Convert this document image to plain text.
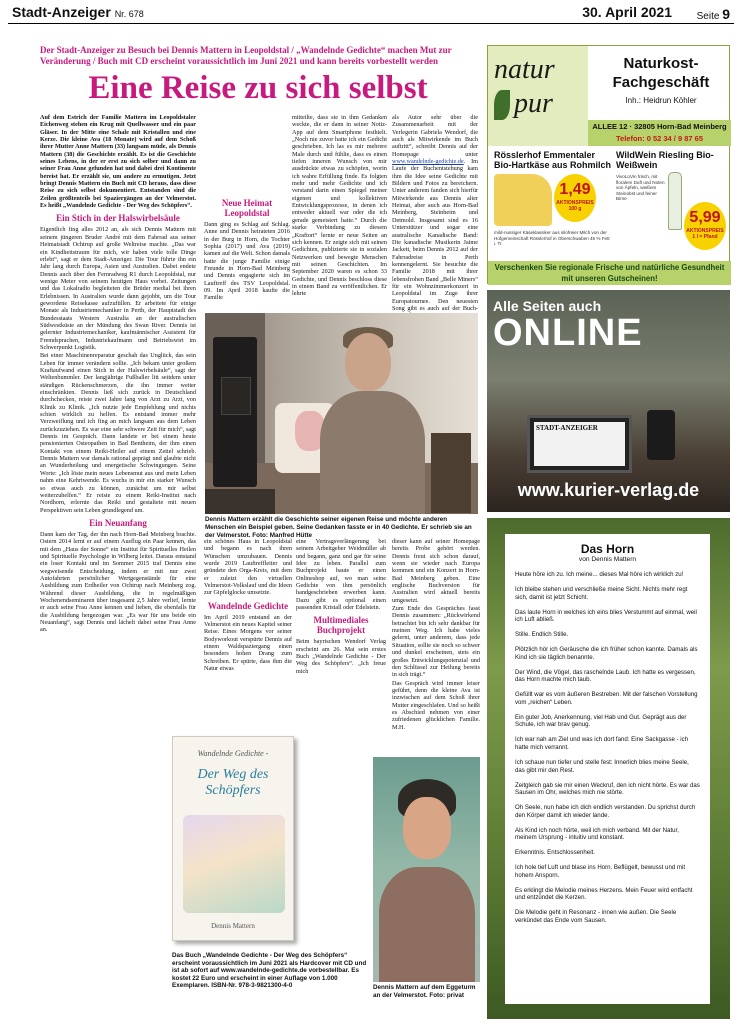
Stadt-Anzeiger Nr. 678	30. April 2021 Seite 9
Der Stadt-Anzeiger zu Besuch bei Dennis Mattern in Leopoldstal / „Wandelnde Gedichte“ machen Mut zur Veränderung / Buch mit CD erscheint voraussichtlich im Juni 2021 und kann bereits vorbestellt werden
Eine Reise zu sich selbst

Auf dem Estrich der Familie Mattern im Leopoldstaler Eichenweg stehen ein Krug mit Quellwasser und ein paar Gläser. In der Mitte eine Schale mit Kristallen und eine Kerze. Die kleine Ava (18 Monate) wird auf dem Schoß ihrer Mutter Anne Mattern (33) langsam müde, als Dennis Mattern (38) die Geschichte erzählt. Es ist die Geschichte seines Lebens, in der er erst zu sich selber und dann zu seiner Frau Anne gefunden hat und dabei drei Kontinente bereist hat. Er erzählt sie, um andere zu ermutigen. Jetzt bringt Dennis Mattern ein Buch mit CD heraus, dass diese Reise zu sich selbst dokumentiert. Entstanden sind die Zeilen größtenteils bei Spaziergängen an der Velmerstot. Es heißt „Wandelnde Gedichte - Der Weg des Schöpfers“.

Ein Stich in der Halswirbelsäule

Eigentlich fing alles 2012 an, als sich Dennis Mattern mit seinem jüngeren Bruder André mit dem Fahrrad aus seiner Heimatstadt Ochtrup auf große Weltreise machte. „Das war ein Kindheitstraum für mich, wir haben viele tolle Dinge erlebt“, sagt er dem Stadt-Anzeiger. Die Tour führte ihn ein Jahr lang durch Europa, Asien und Australien. Dabei endete Dennis auch über den Fernradweg R1 durch Leopoldstal, nur wenige Meter von seinem heutigen Haus vorbei. Zeitungen und das Lokalradio begleiteten die Brüder medial bei ihren Erlebnissen. In Australien wurde dann gejobbt, um die Tour gewordene Reisekasse aufzufüllen. Er arbeitete für einige Monate als Industriemechaniker in Perth, der Hauptstadt des Bundesstaats Western Australia an der australischen Südwestküste an der Mündung des Swan River. Dennis ist gelernter Industriemechaniker, kaufmännischer Assistent für Fremdsprachen, Industriekaufmann und Betriebswirt im Schwerpunkt Logistik.

Bei einer Maschinenreparatur geschah das Unglück, das sein Leben für immer verändern sollte. „Ich bekam unter großem Kraftaufwand einen Stich in der Halswirbelsäule“, sagt der Weltenbummler. Der langjährige Fußballer litt seitdem unter ständigen Rückenschmerzen, die ihn immer weiter einschränkten. Dennis ließ sich zurück in Deutschland durchchecken, reiste zwei Jahre lang von Arzt zu Arzt, von Klinik zu Klinik. „Ich nutzte jede Empfehlung und nichts schien wirklich zu helfen. Es entstand immer mehr Verzweiflung und ich fing an mich langsam aus dem Leben zurückzuziehen. Es war eine sehr schwere Zeit für mich“, sagt Dennis im Gespräch. Dann landete er bei einem heute pensionierten Osteopathen in Bad Bentheim, der ihm einen Kontakt von einem Reiki-Heiler auf einem Zettel schrieb. Dennis Mattern war damals rational geprägt und glaubte nicht an Wunderheilung und energetische Schwingungen. Seine Worte: „Ich löste mein neues Lebensmut aus und mein Leben nahm eine Kehrtwende. Es wuchs in mir ein starker Wunsch so etwas auch zu können, zunächst um mir selbst weiterzuhelfen.“ Er reiste zu einem Reiki-Institut nach Nordhorn, erlernte das Reiki und gestaltete mit neuen Perspektiven sein Leben grundlegend um.

Ein Neuanfang

Dann kam der Tag, der ihn nach Horn-Bad Meinberg brachte. Ostern 2014 lernt er auf einem Ausflug ein Paar kennen, das mit dem „Haus der Sonne“ ein Institut für Spirituelles Heilen und Spirituelle Psychologie in Wilberg leitet. Daraus entstand ein loser Kontakt und im Sommer 2015 traf Dennis eine wegweisende Entscheidung, indem er mit nur zwei Autofahrten persönlicher Wertgegenstände für eine Ausbildung zum Erdheiler von Ochtrup nach Meinberg zog. Während dieser Ausbildung, die in regelmäßigen Wochenendseminaren über insgesamt 2,5 Jahre verlief, lernte er auch seine Frau Anne kennen und lieben, die ebenfalls für die Ausbildung hergezogen war. „Es war für uns beide ein Neuanfang“, sagt Dennis und lächelt dabei seine Frau Anne an.

Neue Heimat Leopoldstal

Dann ging es Schlag auf Schlag. Anne und Dennis heirateten 2016 in der Burg in Horn, die Tochter Sophia (2017) und Ava (2019) kamen auf die Welt. Schon damals hatte die junge Familie einige Freunde in Horn-Bad Meinberg und Dennis engagierte sich im Lauftreff des TSV Leopoldstal. 09. Im April 2018 kaufte die Familie

mitteilte, dass sie in ihm Gedanken weckte, die er dann in seiner Notiz-App auf dem Smartphone festhielt. „Noch nie zuvor hatte ich ein Gedicht geschrieben. Ich las es mir mehrere Male durch und fühlte, dass es einen tiefen inneren Wunsch von mir ausdrückte etwas zu schöpfen, worin ich wahre Erfüllung finde. Es folgten mehr und mehr Gedichte und ich verstand darin einen Spiegel meiner eigenen und kollektiven Entwicklungsprozesse, in denen ich entweder aktuell war oder die ich gerade gemeistert hatte.“ Durch die starke Verbindung zu diesem „Kraftort“ lernte er neue Seiten an sich kennen. Er zeigte sich mit seinen Gedichten, publizierte sie in sozialen Netzwerken und bewegte Menschen mit seinen Geschichten. Im September 2020 waren es schon 33 Gedichte, und Dennis beschloss diese in einem Band zu veröffentlichen. Er lehrte

als Autor sehr über die Zusammenarbeit mit der Verlegerin Gabriela Wendorf, die auch als Mitwirkende im Buch auftritt“, schreibt Dennis auf der Homepage unter www.wandelnde-gedichte.de. Im Laufe der Buchentstehung kam ihm die Idee seine Gedichte mit Bildern und Fotos zu bereichern. Unter anderem fanden sich hierfür Mitwirkende aus Dennis alter Heimat, aber auch aus Horn-Bad Meinberg, Steinheim und Detmold. Insgesamt sind es 16 Unterstützer und sogar eine australische Kanadische Band: Die kanadische Musikerin Jaime Jackett, beim Dennis 2012 auf der Fahrradreise in Perth kennengelernt. Sie besuchte die Familie 2018 mit ihrer lebensfrohen Band „Belle Miners“ für ein Wohnzimmerkonzert in Leopoldstal im Zuge ihrer Europatournee. Den neuesten Song gibt es auch auf der Buch-

Dennis Mattern erzählt die Geschichte seiner eigenen Reise und möchte anderen Menschen ein Beispiel geben. Seine Gedanken fasste er in 40 Gedichte. Er schrieb sie an der Velmerstot. Foto: Manfred Hütte

ein schönes Haus in Leopoldstal und begann es nach ihren Wünschen umzubauen. Dennis wurde 2019 Lauftreffleiter und gründete den Orga-Kreis, mit dem er zuletzt den virtuellen Velmerstot-Volkslauf und die Ideen zur Gipfelglocke umsetzte.

Wandelnde Gedichte

Im April 2019 entstand an der Velmerstot ein neues Kapitel seiner Reise. Eines Morgens vor seiner Bodyworkout verspürte Dennis auf einem Waldspaziergang einen besonders hohen Drang zum Schreiben. Er spürte, dass ihm die Natur etwas

eine Vertragsverlängerung bei seinem Arbeitgeber Weidmüller ab und begann, ganz und gar für seine Idee zu leben. Parallel zum Buchprojekt baute er einen Onlineshop auf, wo man seine Gedichte von ihm persönlich handgeschrieben erwerben kann. Dazu gibt es optional einen passenden Kristall oder Edelstein.

Multimediales Buchprojekt

Beim bayrischen Wendorf Verlag erscheint am 26. Mai sein erstes Buch „Wandelnde Gedichte - Der Weg des Schöpfers“. „Ich freue mich

dieser kann auf seiner Homepage bereits Probe gehört werden. Dennis freut sich schon darauf, wenn sie wieder nach Europa kommen und ein Konzert in Horn-Bad Meinberg geben. Eine englische Buchversion für Australien wird aktuell bereits umgesetzt.

Zum Ende des Gespräches fasst Dennis zusammen: „Rückwirkend betrachtet bin ich sehr dankbar für meinen Weg. Ich habe vieles gelernt, unter anderem, dass jede Situation, sollte sie noch so schwer und dunkel erscheinen, stets ein großes Entwicklungspotenzial und den Schlüssel zur Heilung bereits in sich trägt.“

Das Gespräch wird immer leiser geführt, denn die kleine Ava ist inzwischen auf dem Schoß ihrer Mutter eingeschlafen. Und so heißt es Abschied nehmen von einer zufriedenen glücklichen Familie. M.H.

Wandelnde Gedichte -
Der Weg des Schöpfers
Dennis Mattern
Das Buch „Wandelnde Gedichte - Der Weg des Schöpfers“ erscheint voraussichtlich im Juni 2021 als Hardcover mit CD und ist ab sofort auf www.wandelnde-gedichte.de vorbestellbar. Es kostet 22 Euro und erscheint in einer Auflage von 1.000 Exemplaren. ISBN-Nr. 978-3-9821300-4-0	Dennis Mattern auf dem Eggeturm an der Velmerstot. Foto: privat
natur
pur
Naturkost-Fachgeschäft
Inh.: Heidrun Köhler
ALLEE 12 · 32805 Horn-Bad Meinberg
Telefon: 0 52 34 / 9 87 65
Rösslerhof Emmentaler Bio-Hartkäse aus Rohmilch
1,49
AKTIONSPREIS
100 g
mild-nussiger Käseklassiker aus silofreier Milch von der Hofgemeinschaft Rösslerhof in Oberschwaben 45 % Fett i. Tr.
WildWein Riesling Bio-Weißwein
VivoLoVin frisch, mit floralem Duft und Noten von Äpfeln, weißem Steinobst und feiner Birne
5,99
AKTIONSPREIS
1 l = Pfand
Verschenken Sie regionale Frische und natürliche Gesundheit mit unseren Gutscheinen!
Alle Seiten auch
ONLINE
STADT-ANZEIGER
www.kurier-verlag.de
Das Horn
von Dennis Mattern
Heute höre ich zu. Ich meine... dieses Mal höre ich wirklich zu!
Ich bleibe stehen und verschließe meine Sicht. Nichts mehr regt sich, damit ist jetzt Schicht.
Das laute Horn in welches ich eins blies Verstummt auf einmal, weil ich Luft abließ.
Stille. Endlich Stille.
Plötzlich hör ich Geräusche die ich früher schon kannte. Damals als Kind ich sie täglich benannte.
Der Wind, die Vögel, das raschelnde Laub. Ich hatte es vergessen, das Horn machte mich taub.
Gefüllt war es vom äußeren Bestreben. Mit der falschen Vorstellung vom „reichen“ Leben.
Ein guter Job, Anerkennung, viel Hab und Gut. Geprägt aus der Schule, ich war brav genug.
Ich war nah am Ziel und was ich dort fand: Eine Sackgasse - ich hatte mich verrannt.
Ich schaue nun tiefer und stelle fest: Innerlich blies meine Seele, das gibt mir den Rest.
Zeitgleich gab sie mir einen Weckruf, den ich nicht hörte. Es war das Sausen im Ohr, welches mich nie störte.
Oh Seele, nun habe ich dich endlich verstanden. Du sprichst durch den Körper damit ich wieder lande.
Als Kind ich noch hörte, weil ich mich verband. Mit der Natur, meinem Ursprung - intuitiv und konstant.
Erkenntnis. Entschlossenheit.
Ich hole tief Luft und blase ins Horn. Beflügelt, bewusst und mit hohem Ansporn.
Es erklingt die Melodie meines Herzens. Mein Feuer wird entfacht und entzündet die Kerzen.
Die Melodie geht in Resonanz - innen wie außen. Die Seele verkündet das Ende vom Sausen.
